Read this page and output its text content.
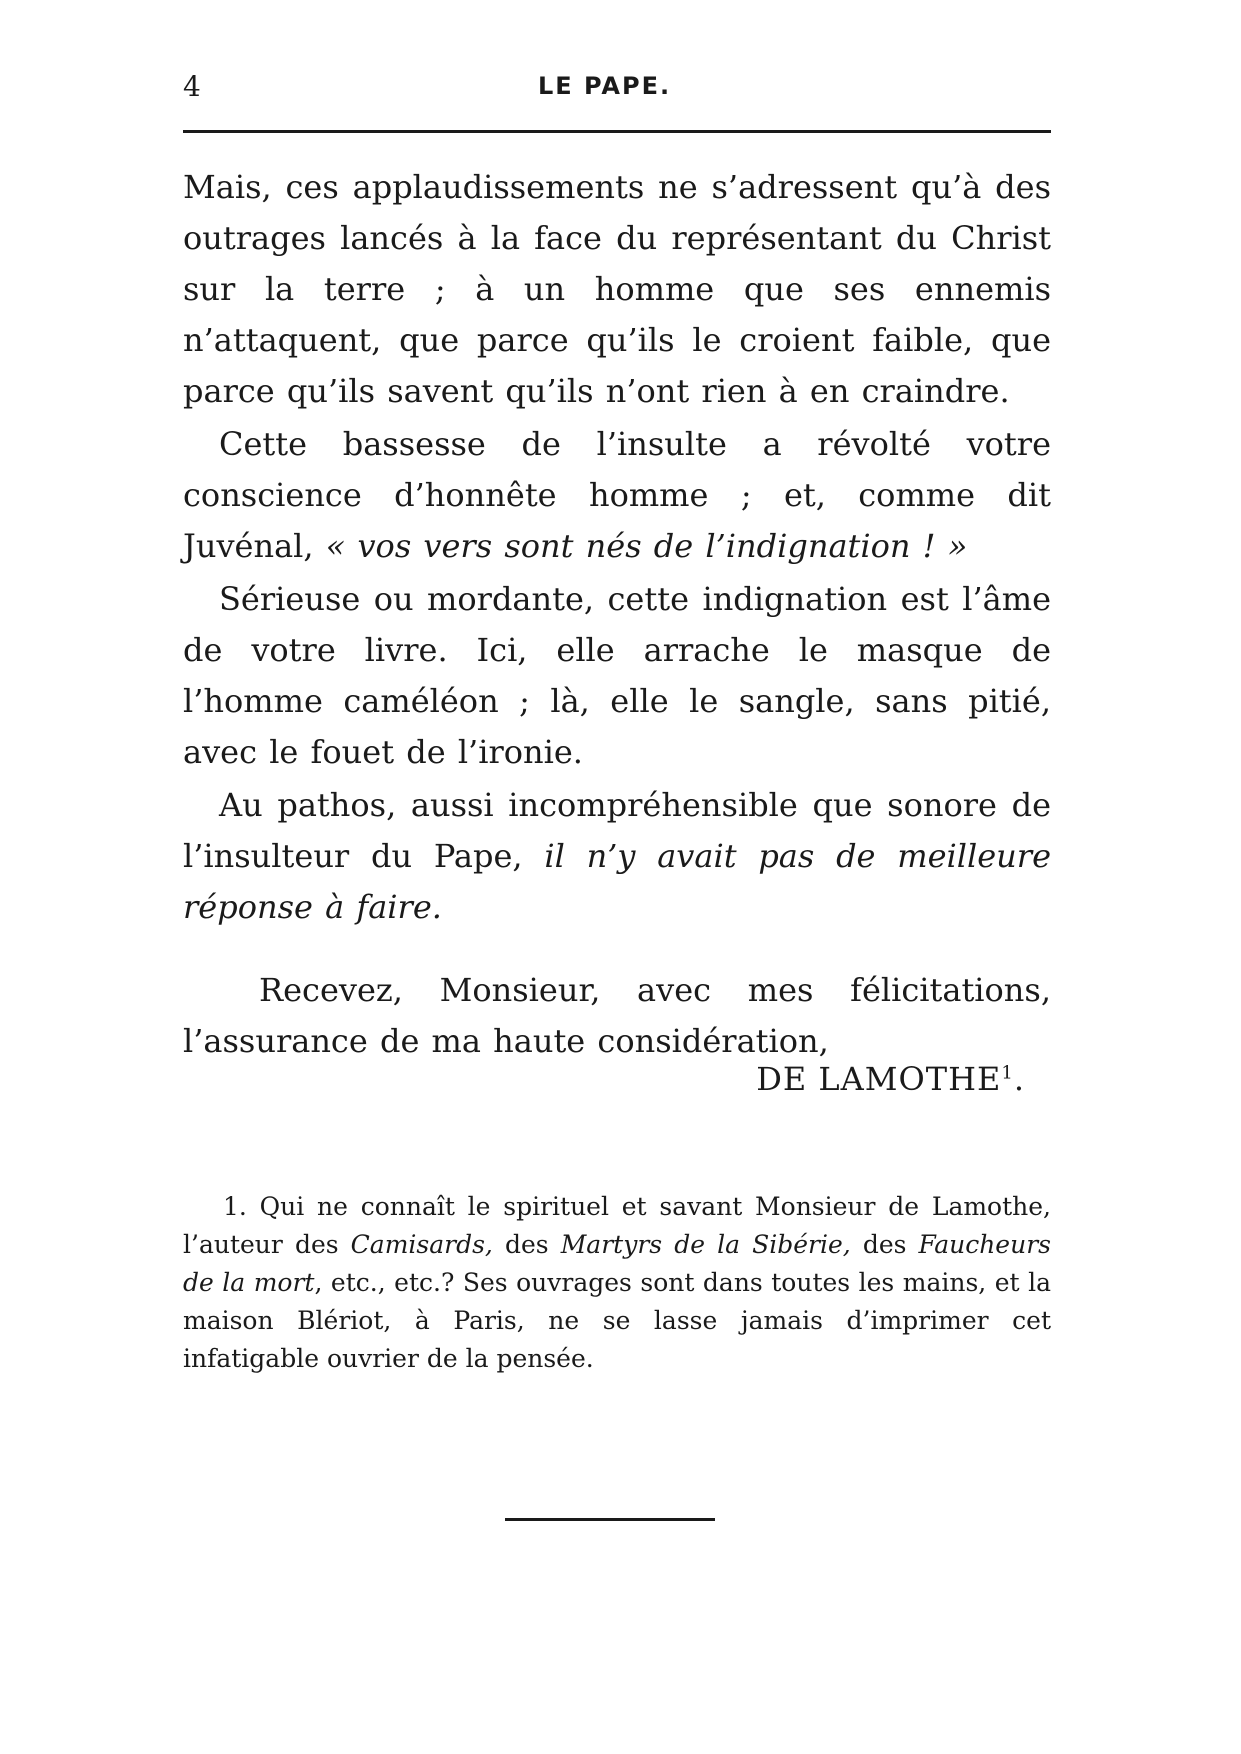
4	LE PAPE.

Mais, ces applaudissements ne s’adressent qu’à des outrages lancés à la face du représentant du Christ sur la terre ; à un homme que ses ennemis n’attaquent, que parce qu’ils le croient faible, que parce qu’ils savent qu’ils n’ont rien à en craindre.

Cette bassesse de l’insulte a révolté votre conscience d’honnête homme ; et, comme dit Juvénal, « vos vers sont nés de l’indignation ! »

Sérieuse ou mordante, cette indignation est l’âme de votre livre. Ici, elle arrache le masque de l’homme caméléon ; là, elle le sangle, sans pitié, avec le fouet de l’ironie.

Au pathos, aussi incompréhensible que sonore de l’insulteur du Pape, il n’y avait pas de meilleure réponse à faire.

Recevez, Monsieur, avec mes félicitations, l’assurance de ma haute considération,

DE LAMOTHE$^1$.
1. Qui ne connaît le spirituel et savant Monsieur de Lamothe, l’auteur des Camisards, des Martyrs de la Sibérie, des Faucheurs de la mort, etc., etc.? Ses ouvrages sont dans toutes les mains, et la maison Blériot, à Paris, ne se lasse jamais d’imprimer cet infatigable ouvrier de la pensée.
